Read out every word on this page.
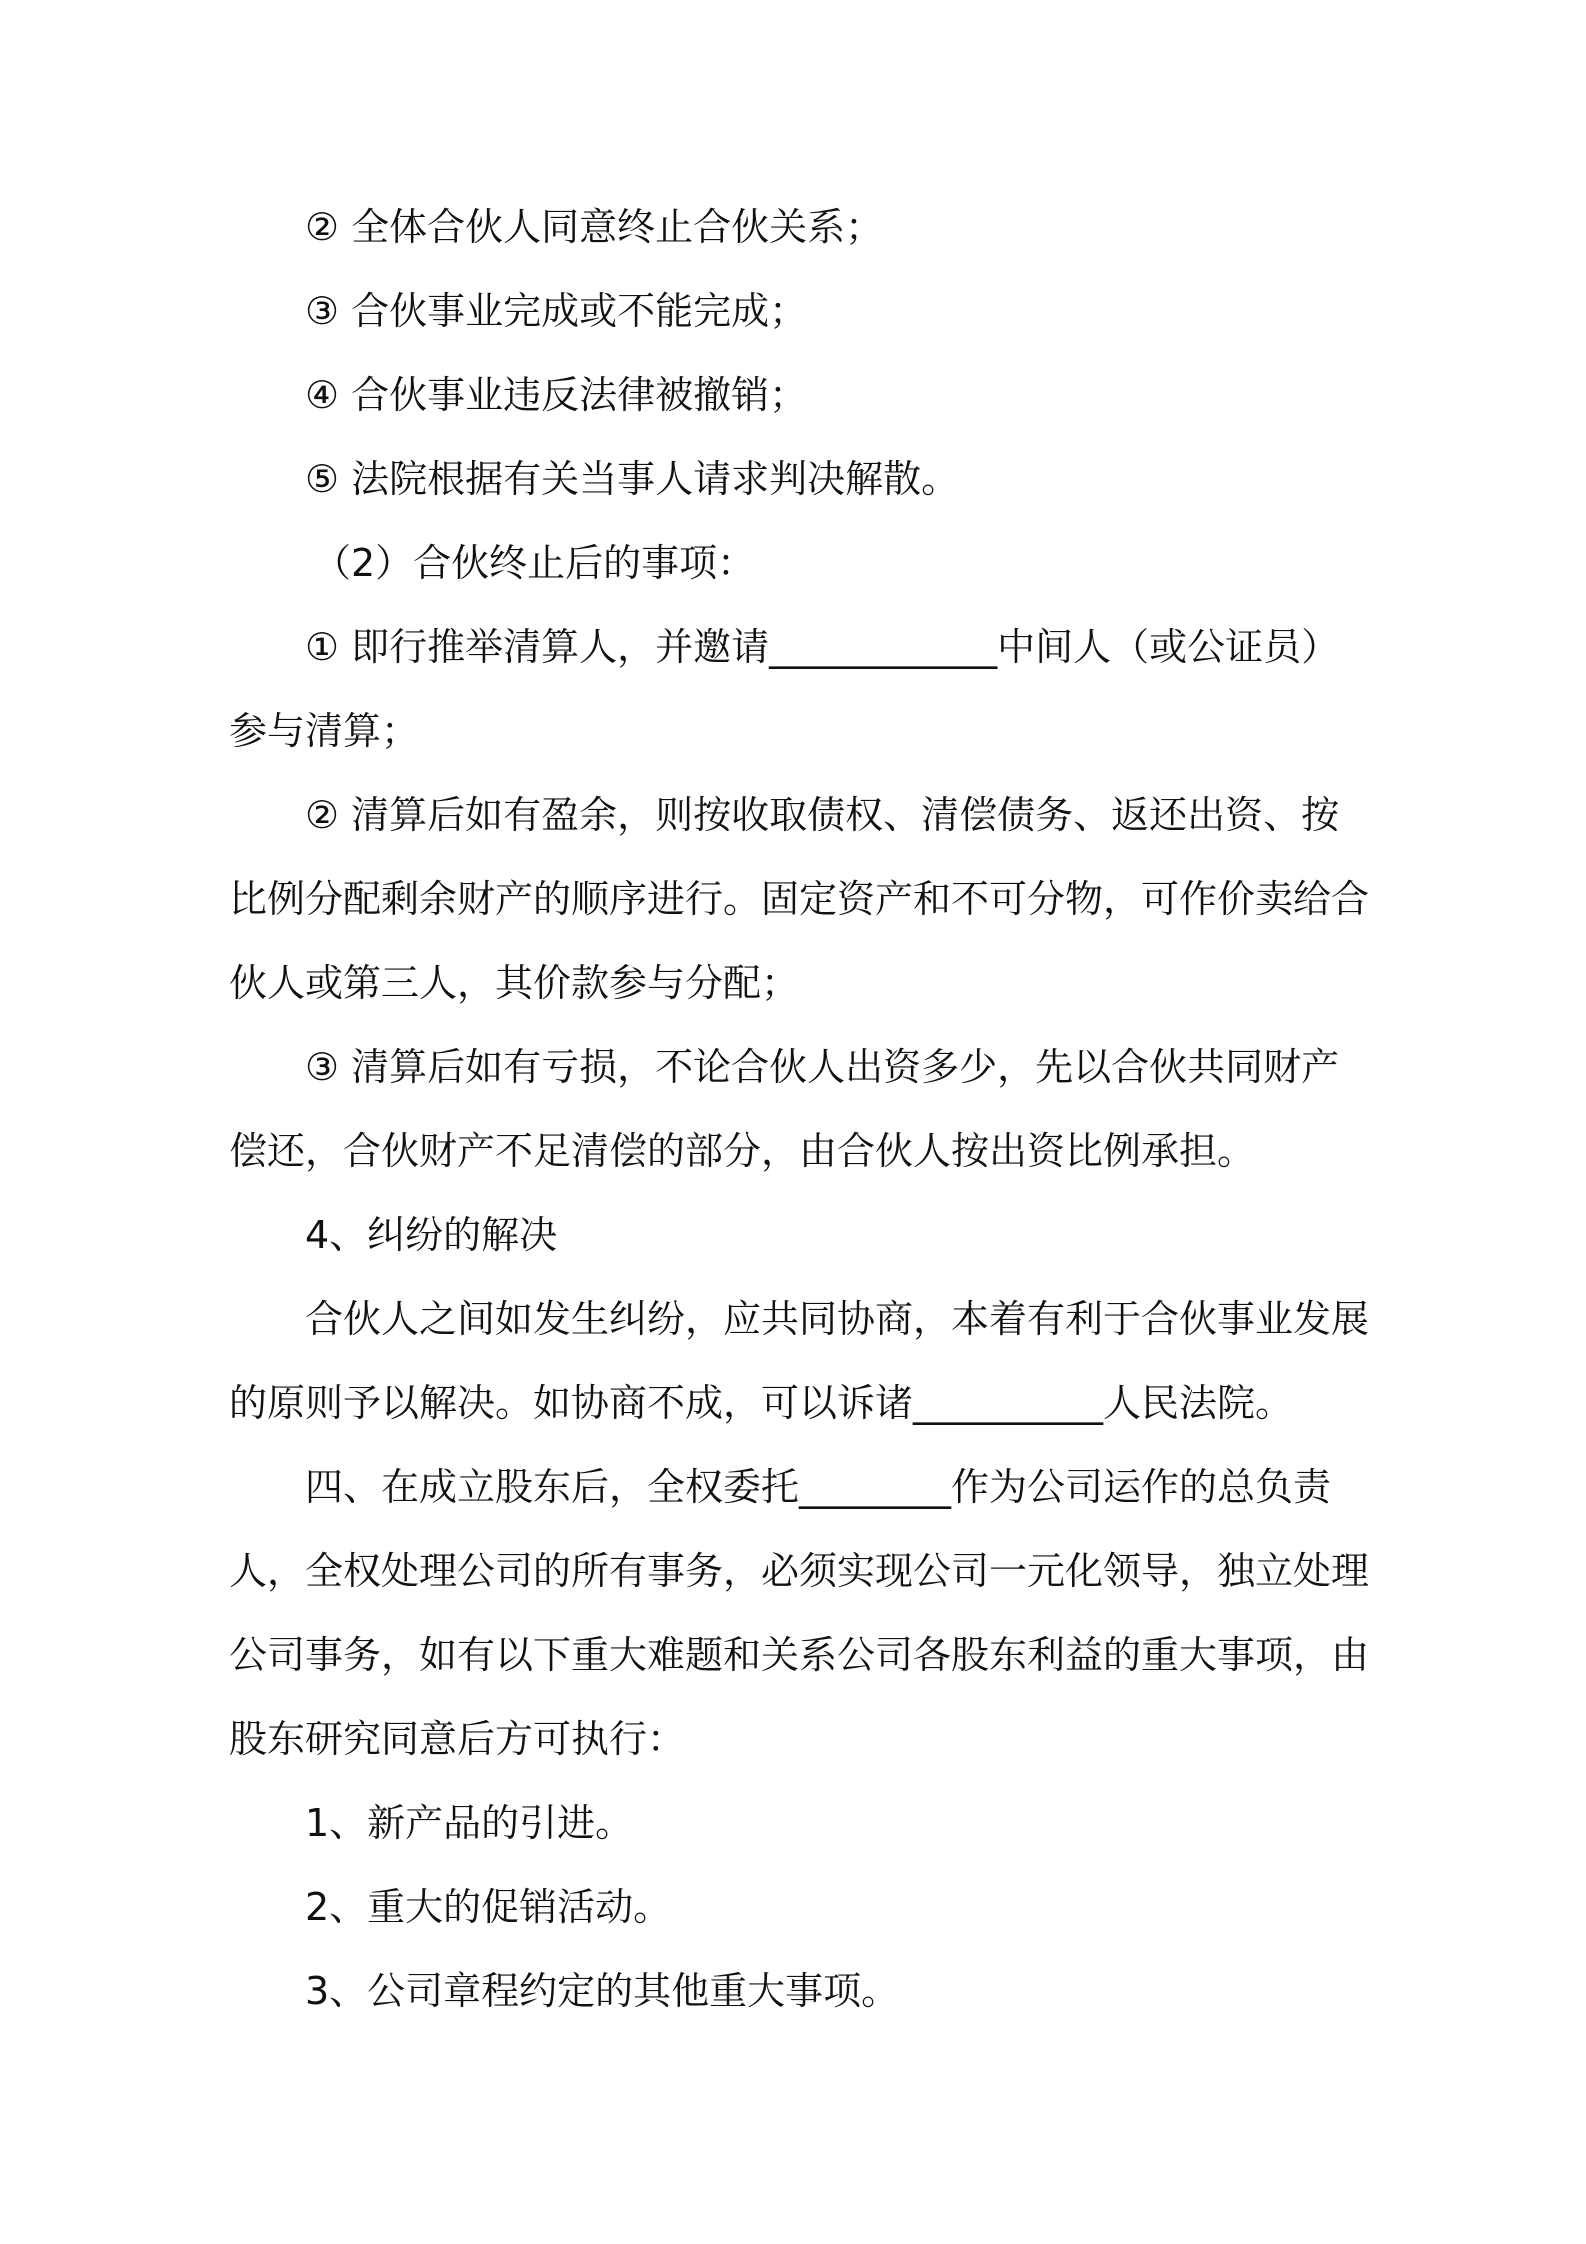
② 全体合伙人同意终止合伙关系；

③ 合伙事业完成或不能完成；

④ 合伙事业违反法律被撤销；

⑤ 法院根据有关当事人请求判决解散。

（2）合伙终止后的事项：

① 即行推举清算人，并邀请____________中间人（或公证员）参与清算；

② 清算后如有盈余，则按收取债权、清偿债务、返还出资、按比例分配剩余财产的顺序进行。固定资产和不可分物，可作价卖给合伙人或第三人，其价款参与分配；

③ 清算后如有亏损，不论合伙人出资多少，先以合伙共同财产偿还，合伙财产不足清偿的部分，由合伙人按出资比例承担。

4、纠纷的解决

合伙人之间如发生纠纷，应共同协商，本着有利于合伙事业发展的原则予以解决。如协商不成，可以诉诸__________人民法院。

四、在成立股东后，全权委托________作为公司运作的总负责人，全权处理公司的所有事务，必须实现公司一元化领导，独立处理公司事务，如有以下重大难题和关系公司各股东利益的重大事项，由股东研究同意后方可执行：

1、新产品的引进。

2、重大的促销活动。

3、公司章程约定的其他重大事项。
